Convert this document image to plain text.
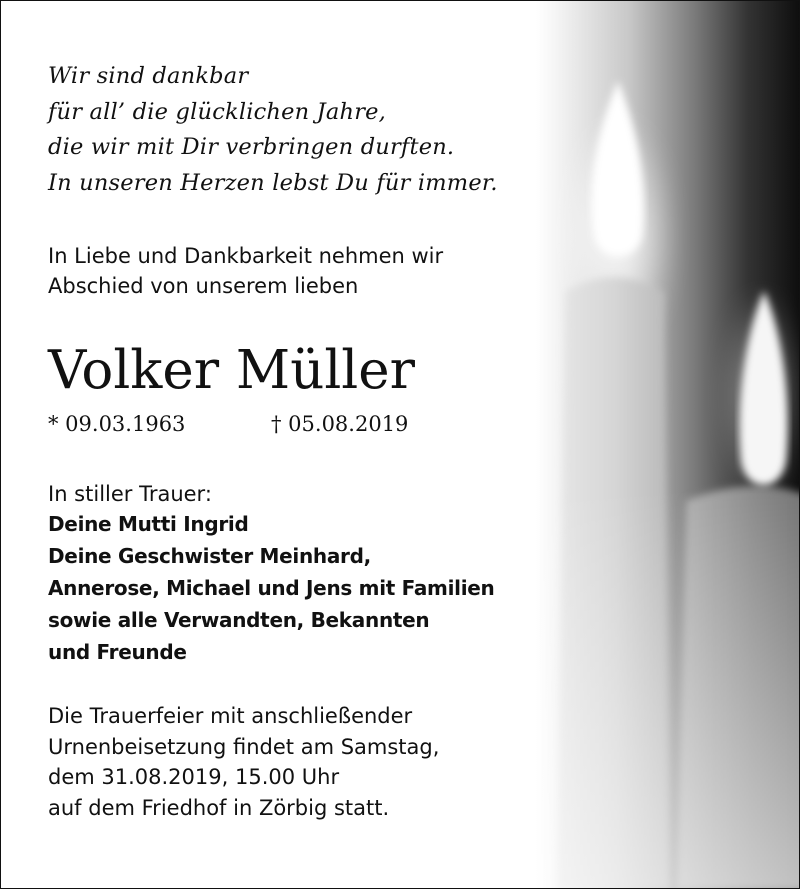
Wir sind dankbar
für all’ die glücklichen Jahre,
die wir mit Dir verbringen durften.
In unseren Herzen lebst Du für immer.
In Liebe und Dankbarkeit nehmen wir
Abschied von unserem lieben
Volker Müller
* 09.03.1963	† 05.08.2019
In stiller Trauer:
Deine Mutti Ingrid
Deine Geschwister Meinhard,
Annerose, Michael und Jens mit Familien
sowie alle Verwandten, Bekannten
und Freunde
Die Trauerfeier mit anschließender
Urnenbeisetzung findet am Samstag,
dem 31.08.2019, 15.00 Uhr
auf dem Friedhof in Zörbig statt.
